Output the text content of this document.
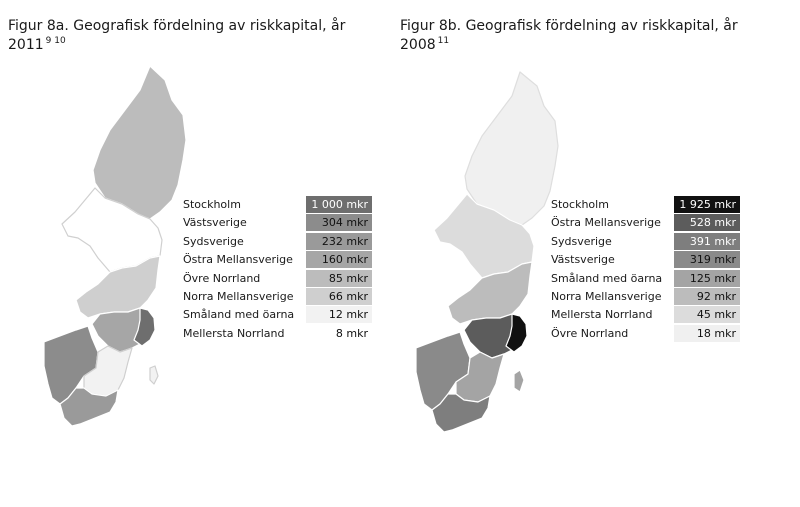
Figur 8a. Geografisk fördelning av riskkapital, år 2011 $^{9 10}$
Stockholm	1 000 mkr
Västsverige	304 mkr
Sydsverige	232 mkr
Östra Mellansverige	160 mkr
Övre Norrland	85 mkr
Norra Mellansverige	66 mkr
Småland med öarna	12 mkr
Mellersta Norrland	8 mkr
Figur 8b. Geografisk fördelning av riskkapital, år 2008 $^{11}$
Stockholm	1 925 mkr
Östra Mellansverige	528 mkr
Sydsverige	391 mkr
Västsverige	319 mkr
Småland med öarna	125 mkr
Norra Mellansverige	92 mkr
Mellersta Norrland	45 mkr
Övre Norrland	18 mkr
